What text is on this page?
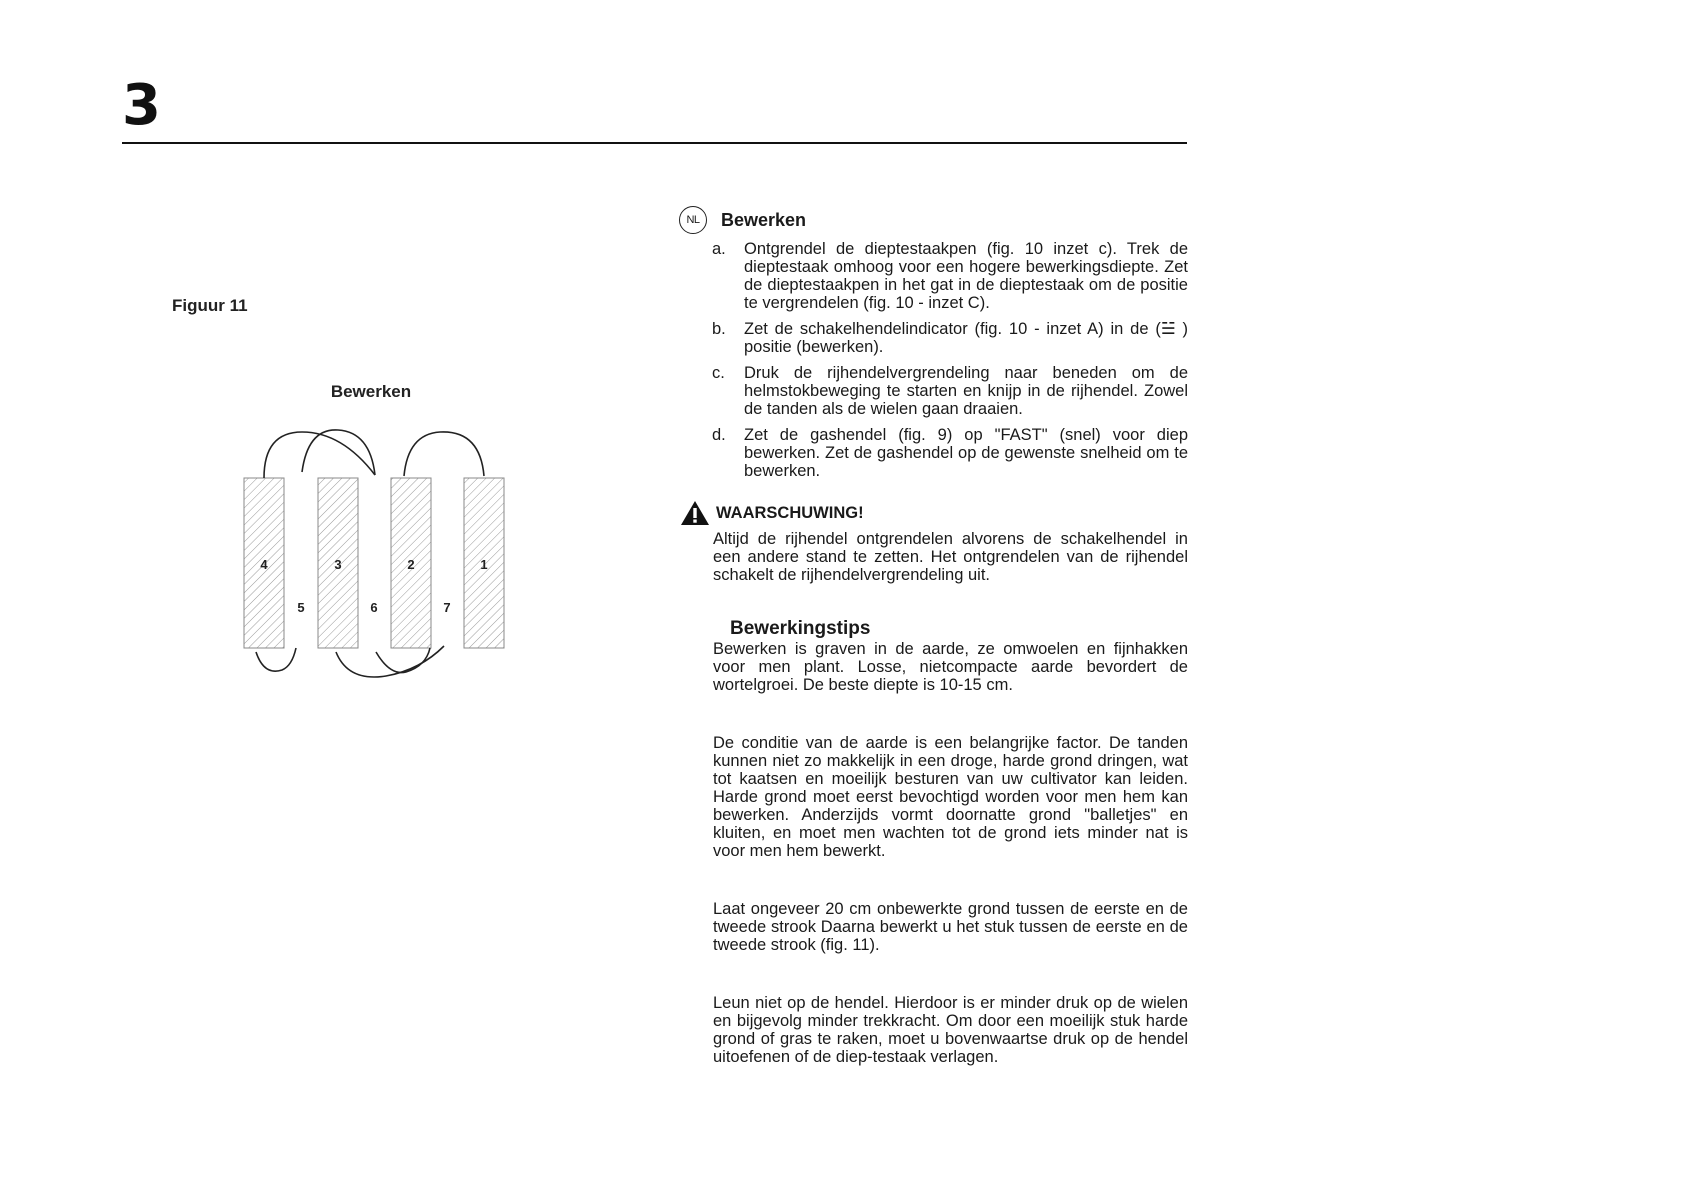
3
Figuur 11
Bewerken
4	3	2	1
5	6	7
NL	Bewerken
a.	Ontgrendel de dieptestaakpen (fig. 10 inzet c). Trek de dieptestaak omhoog voor een hogere bewerkingsdiepte. Zet de dieptestaakpen in het gat in de dieptestaak om de positie te vergrendelen (fig. 10 - inzet C).
b.	Zet de schakelhendelindicator (fig. 10 - inzet A) in de (☱ ) positie (bewerken).
c.	Druk de rijhendelvergrendeling naar beneden om de helmstokbeweging te starten en knijp in de rijhendel. Zowel de tanden als de wielen gaan draaien.
d.	Zet de gashendel (fig. 9) op "FAST" (snel) voor diep bewerken. Zet de gashendel op de gewenste snelheid om te bewerken.
WAARSCHUWING!
Altijd de rijhendel ontgrendelen alvorens de schakelhendel in een andere stand te zetten. Het ontgrendelen van de rijhendel schakelt de rijhendelvergrendeling uit.
Bewerkingstips
Bewerken is graven in de aarde, ze omwoelen en fijnhakken voor men plant. Losse, nietcompacte aarde bevordert de wortelgroei. De beste diepte is 10-15 cm.
De conditie van de aarde is een belangrijke factor. De tanden kunnen niet zo makkelijk in een droge, harde grond dringen, wat tot kaatsen en moeilijk besturen van uw cultivator kan leiden. Harde grond moet eerst bevochtigd worden voor men hem kan bewerken. Anderzijds vormt doornatte grond "balletjes" en kluiten, en moet men wachten tot de grond iets minder nat is voor men hem bewerkt.
Laat ongeveer 20 cm onbewerkte grond tussen de eerste en de tweede strook Daarna bewerkt u het stuk tussen de eerste en de tweede strook (fig. 11).
Leun niet op de hendel. Hierdoor is er minder druk op de wielen en bijgevolg minder trekkracht. Om door een moeilijk stuk harde grond of gras te raken, moet u bovenwaartse druk op de hendel uitoefenen of de diep-testaak verlagen.
